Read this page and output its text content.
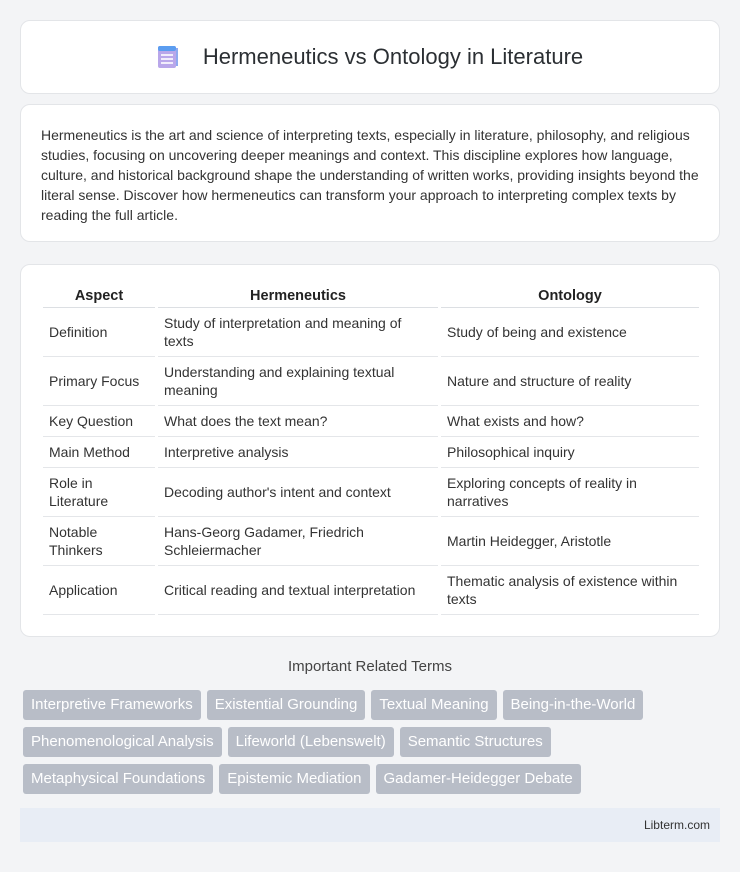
Hermeneutics vs Ontology in Literature

Hermeneutics is the art and science of interpreting texts, especially in literature, philosophy, and religious studies, focusing on uncovering deeper meanings and context. This discipline explores how language, culture, and historical background shape the understanding of written works, providing insights beyond the literal sense. Discover how hermeneutics can transform your approach to interpreting complex texts by reading the full article.

Aspect		Hermeneutics		Ontology
Definition		Study of interpretation and meaning of texts		Study of being and existence
Primary Focus		Understanding and explaining textual meaning		Nature and structure of reality
Key Question		What does the text mean?		What exists and how?
Main Method		Interpretive analysis		Philosophical inquiry
Role in Literature		Decoding author's intent and context		Exploring concepts of reality in narratives
Notable Thinkers		Hans-Georg Gadamer, Friedrich Schleiermacher		Martin Heidegger, Aristotle
Application		Critical reading and textual interpretation		Thematic analysis of existence within texts
Important Related Terms
Interpretive Frameworks	Existential Grounding	Textual Meaning	Being-in-the-World
Phenomenological Analysis	Lifeworld (Lebenswelt)	Semantic Structures
Metaphysical Foundations	Epistemic Mediation	Gadamer-Heidegger Debate
Libterm.com
